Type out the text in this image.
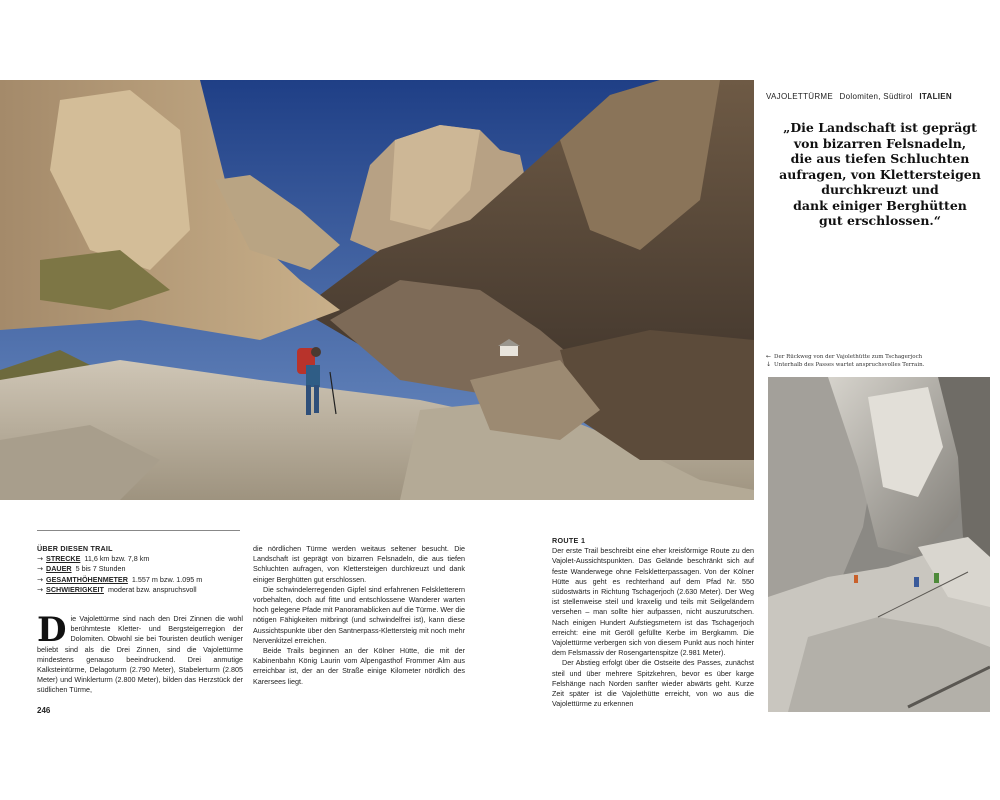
VAJOLETTÜRME Dolomiten, Südtirol ITALIEN
„Die Landschaft ist geprägt
von bizarren Felsnadeln,
die aus tiefen Schluchten
aufragen, von Klettersteigen
durchkreuzt und
dank einiger Berghütten
gut erschlossen.“
← Der Rückweg von der Vajolethütte zum Tschagerjoch
↓ Unterhalb des Passes wartet anspruchsvolles Terrain.
ÜBER DIESEN TRAIL
→ STRECKE 11,6 km bzw. 7,8 km
→ DAUER 5 bis 7 Stunden
→ GESAMTHÖHENMETER 1.557 m bzw. 1.095 m
→ SCHWIERIGKEIT moderat bzw. anspruchsvoll
D ie Vajolettürme sind nach den Drei Zinnen die wohl berühmteste Kletter- und Bergsteigerregion der Dolomiten. Obwohl sie bei Touristen deutlich weniger beliebt sind als die Drei Zinnen, sind die Vajolettürme mindestens genauso beeindruckend. Drei anmutige Kalksteintürme, Delagoturm (2.790 Meter), Stabelerturm (2.805 Meter) und Winklerturm (2.800 Meter), bilden das Herzstück der südlichen Türme,

die nördlichen Türme werden weitaus seltener besucht. Die Landschaft ist geprägt von bizarren Felsnadeln, die aus tiefen Schluchten aufragen, von Klettersteigen durchkreuzt und dank einiger Berghütten gut erschlossen.

Die schwindelerregenden Gipfel sind erfahrenen Felskletterern vorbehalten, doch auf fitte und entschlossene Wanderer warten hoch gelegene Pfade mit Panoramablicken auf die Türme. Wer die nötigen Fähigkeiten mitbringt (und schwindelfrei ist), kann diese Aussichtspunkte über den Santnerpass-Klettersteig mit noch mehr Nervenkitzel erreichen.

Beide Trails beginnen an der Kölner Hütte, die mit der Kabinenbahn König Laurin vom Alpengasthof Frommer Alm aus erreichbar ist, der an der Straße einige Kilometer nördlich des Karersees liegt.

ROUTE 1

Der erste Trail beschreibt eine eher kreisförmige Route zu den Vajolet-Aussichtspunkten. Das Gelände beschränkt sich auf feste Wanderwege ohne Felskletterpassagen. Von der Kölner Hütte aus geht es rechterhand auf dem Pfad Nr. 550 südostwärts in Richtung Tschagerjoch (2.630 Meter). Der Weg ist stellenweise steil und kraxelig und teils mit Seilgeländern versehen – man sollte hier aufpassen, nicht auszurutschen. Nach einigen Hundert Aufstiegsmetern ist das Tschagerjoch erreicht: eine mit Geröll gefüllte Kerbe im Bergkamm. Die Vajolettürme verbergen sich von diesem Punkt aus noch hinter dem Felsmassiv der Rosengartenspitze (2.981 Meter).

Der Abstieg erfolgt über die Ostseite des Passes, zunächst steil und über mehrere Spitzkehren, bevor es über karge Felshänge nach Norden sanfter wieder abwärts geht. Kurze Zeit später ist die Vajolethütte erreicht, von wo aus die Vajolettürme zu erkennen

246
